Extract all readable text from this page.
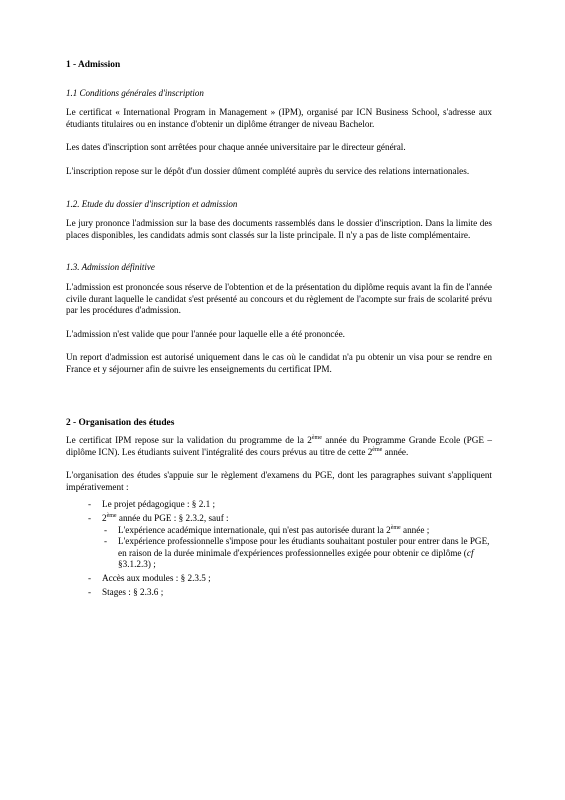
1 - Admission
1.1 Conditions générales d'inscription

Le certificat « International Program in Management » (IPM), organisé par ICN Business School, s'adresse aux étudiants titulaires ou en instance d'obtenir un diplôme étranger de niveau Bachelor.

Les dates d'inscription sont arrêtées pour chaque année universitaire par le directeur général.

L'inscription repose sur le dépôt d'un dossier dûment complété auprès du service des relations internationales.

1.2. Etude du dossier d'inscription et admission

Le jury prononce l'admission sur la base des documents rassemblés dans le dossier d'inscription. Dans la limite des places disponibles, les candidats admis sont classés sur la liste principale. Il n'y a pas de liste complémentaire.

1.3. Admission définitive

L'admission est prononcée sous réserve de l'obtention et de la présentation du diplôme requis avant la fin de l'année civile durant laquelle le candidat s'est présenté au concours et du règlement de l'acompte sur frais de scolarité prévu par les procédures d'admission.

L'admission n'est valide que pour l'année pour laquelle elle a été prononcée.

Un report d'admission est autorisé uniquement dans le cas où le candidat n'a pu obtenir un visa pour se rendre en France et y séjourner afin de suivre les enseignements du certificat IPM.

2 - Organisation des études

Le certificat IPM repose sur la validation du programme de la 2ème année du Programme Grande Ecole (PGE – diplôme ICN). Les étudiants suivent l'intégralité des cours prévus au titre de cette 2ème année.

L'organisation des études s'appuie sur le règlement d'examens du PGE, dont les paragraphes suivant s'appliquent impérativement :

- Le projet pédagogique : § 2.1 ;
- 2ème année du PGE : § 2.3.2, sauf :
- L'expérience académique internationale, qui n'est pas autorisée durant la 2ème année ;
- L'expérience professionnelle s'impose pour les étudiants souhaitant postuler pour entrer dans le PGE, en raison de la durée minimale d'expériences professionnelles exigée pour obtenir ce diplôme (cf §3.1.2.3) ;
- Accès aux modules : § 2.3.5 ;
- Stages : § 2.3.6 ;
